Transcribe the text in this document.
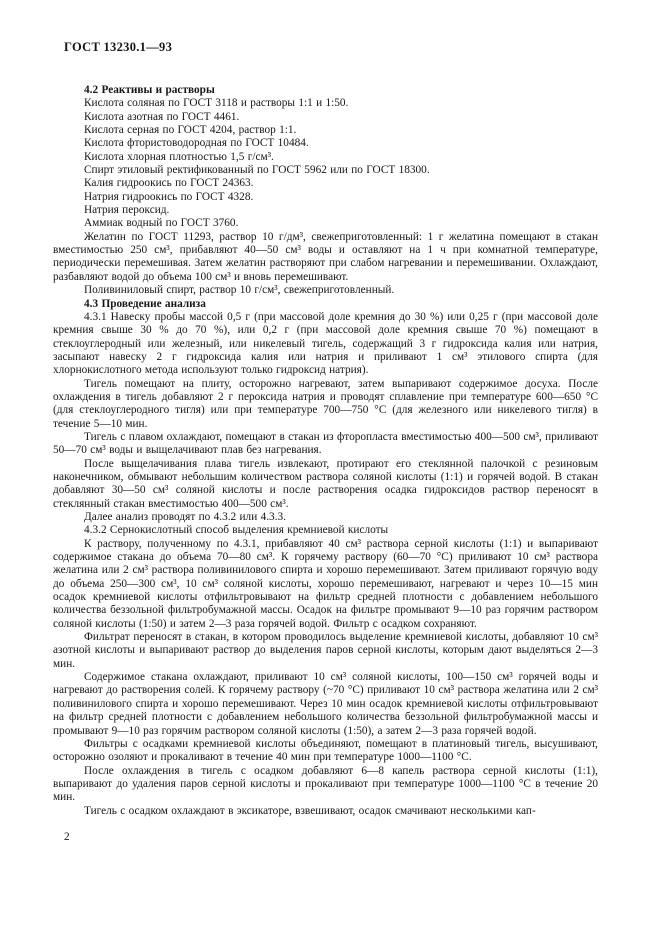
ГОСТ 13230.1—93

4.2 Реактивы и растворы

Кислота соляная по ГОСТ 3118 и растворы 1:1 и 1:50.

Кислота азотная по ГОСТ 4461.

Кислота серная по ГОСТ 4204, раствор 1:1.

Кислота фтористоводородная по ГОСТ 10484.

Кислота хлорная плотностью 1,5 г/см³.

Спирт этиловый ректификованный по ГОСТ 5962 или по ГОСТ 18300.

Калия гидроокись по ГОСТ 24363.

Натрия гидроокись по ГОСТ 4328.

Натрия пероксид.

Аммиак водный по ГОСТ 3760.

Желатин по ГОСТ 11293, раствор 10 г/дм³, свежеприготовленный: 1 г желатина помещают в стакан вместимостью 250 см³, прибавляют 40—50 см³ воды и оставляют на 1 ч при комнатной температуре, периодически перемешивая. Затем желатин растворяют при слабом нагревании и перемешивании. Охлаждают, разбавляют водой до объема 100 см³ и вновь перемешивают.

Поливиниловый спирт, раствор 10 г/см³, свежеприготовленный.

4.3 Проведение анализа

4.3.1 Навеску пробы массой 0,5 г (при массовой доле кремния до 30 %) или 0,25 г (при массовой доле кремния свыше 30 % до 70 %), или 0,2 г (при массовой доле кремния свыше 70 %) помещают в стеклоуглеродный или железный, или никелевый тигель, содержащий 3 г гидроксида калия или натрия, засыпают навеску 2 г гидроксида калия или натрия и приливают 1 см³ этилового спирта (для хлорнокислотного метода используют только гидроксид натрия).

Тигель помещают на плиту, осторожно нагревают, затем выпаривают содержимое досуха. После охлаждения в тигель добавляют 2 г пероксида натрия и проводят сплавление при температуре 600—650 °C (для стеклоуглеродного тигля) или при температуре 700—750 °C (для железного или никелевого тигля) в течение 5—10 мин.

Тигель с плавом охлаждают, помещают в стакан из фторопласта вместимостью 400—500 см³, приливают 50—70 см³ воды и выщелачивают плав без нагревания.

После выщелачивания плава тигель извлекают, протирают его стеклянной палочкой с резиновым наконечником, обмывают небольшим количеством раствора соляной кислоты (1:1) и горячей водой. В стакан добавляют 30—50 см³ соляной кислоты и после растворения осадка гидроксидов раствор переносят в стеклянный стакан вместимостью 400—500 см³.

Далее анализ проводят по 4.3.2 или 4.3.3.

4.3.2 Сернокислотный способ выделения кремниевой кислоты

К раствору, полученному по 4.3.1, прибавляют 40 см³ раствора серной кислоты (1:1) и выпаривают содержимое стакана до объема 70—80 см³. К горячему раствору (60—70 °C) приливают 10 см³ раствора желатина или 2 см³ раствора поливинилового спирта и хорошо перемешивают. Затем приливают горячую воду до объема 250—300 см³, 10 см³ соляной кислоты, хорошо перемешивают, нагревают и через 10—15 мин осадок кремниевой кислоты отфильтровывают на фильтр средней плотности с добавлением небольшого количества беззольной фильтробумажной массы. Осадок на фильтре промывают 9—10 раз горячим раствором соляной кислоты (1:50) и затем 2—3 раза горячей водой. Фильтр с осадком сохраняют.

Фильтрат переносят в стакан, в котором проводилось выделение кремниевой кислоты, добавляют 10 см³ азотной кислоты и выпаривают раствор до выделения паров серной кислоты, которым дают выделяться 2—3 мин.

Содержимое стакана охлаждают, приливают 10 см³ соляной кислоты, 100—150 см³ горячей воды и нагревают до растворения солей. К горячему раствору (~70 °C) приливают 10 см³ раствора желатина или 2 см³ поливинилового спирта и хорошо перемешивают. Через 10 мин осадок кремниевой кислоты отфильтровывают на фильтр средней плотности с добавлением небольшого количества беззольной фильтробумажной массы и промывают 9—10 раз горячим раствором соляной кислоты (1:50), а затем 2—3 раза горячей водой.

Фильтры с осадками кремниевой кислоты объединяют, помещают в платиновый тигель, высушивают, осторожно озоляют и прокаливают в течение 40 мин при температуре 1000—1100 °C.

После охлаждения в тигель с осадком добавляют 6—8 капель раствора серной кислоты (1:1), выпаривают до удаления паров серной кислоты и прокаливают при температуре 1000—1100 °C в течение 20 мин.

Тигель с осадком охлаждают в эксикаторе, взвешивают, осадок смачивают несколькими кап-

2
